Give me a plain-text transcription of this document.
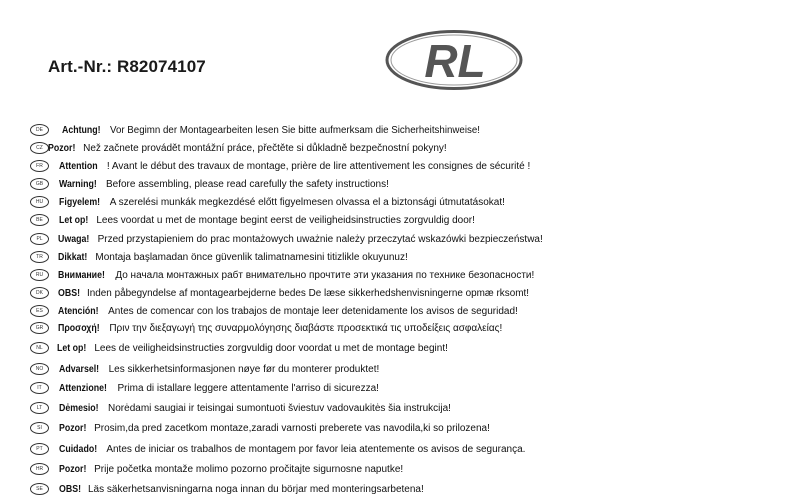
Art.-Nr.: R82074107	RL
DE	Achtung! Vor Begimn der Montagearbeiten lesen Sie bitte aufmerksam die Sicherheitshinweise!
CZ Pozor! Než začnete provádět montážní práce, přečtěte si důkladně bezpečnostní pokyny!
FR	Attention ! Avant le début des travaux de montage, prière de lire attentivement les consignes de sécurité !
GB	Warning! Before assembling, please read carefully the safety instructions!
HU	Figyelem! A szerelési munkák megkezdésé előtt figyelmesen olvassa el a biztonsági útmutatásokat!
BE	Let op! Lees voordat u met de montage begint eerst de veiligheidsinstructies zorgvuldig door!
PL	Uwaga! Przed przystapieniem do prac montażowych uważnie należy przeczytać wskazówki bezpieczeństwa!
TR	Dikkat! Montaja başlamadan önce güvenlik talimatnamesini titizlikle okuyunuz!
RU	Внимание! До начала монтажных рабт внимательно прочтите эти указания по технике безопасности!
DK	OBS! Inden påbegyndelse af montagearbejderne bedes De læse sikkerhedshenvisningerne opmæ rksomt!
ES	Atención! Antes de comencar con los trabajos de montaje leer detenidamente los avisos de seguridad!
GR	Προσοχή! Πριν την διεξαγωγή της συναρμολόγησης διαβάστε προσεκτικά τις υποδείξεις ασφαλείας!
NL	Let op! Lees de veiligheidsinstructies zorgvuldig door voordat u met de montage begint!
NO	Advarsel! Les sikkerhetsinformasjonen nøye før du monterer produktet!
IT	Attenzione! Prima di istallare leggere attentamente l'arriso di sicurezza!
LT	Dėmesio! Norėdami saugiai ir teisingai sumontuoti šviestuv vadovaukitės šia instrukcija!
SI	Pozor! Prosim,da pred zacetkom montaze,zaradi varnosti preberete vas navodila,ki so prilozena!
PT	Cuidado! Antes de iniciar os trabalhos de montagem por favor leia atentemente os avisos de segurança.
HR	Pozor! Prije početka montaže molimo pozorno pročitajte sigurnosne naputke!
SE	OBS! Läs säkerhetsanvisningarna noga innan du börjar med monteringsarbetena!
